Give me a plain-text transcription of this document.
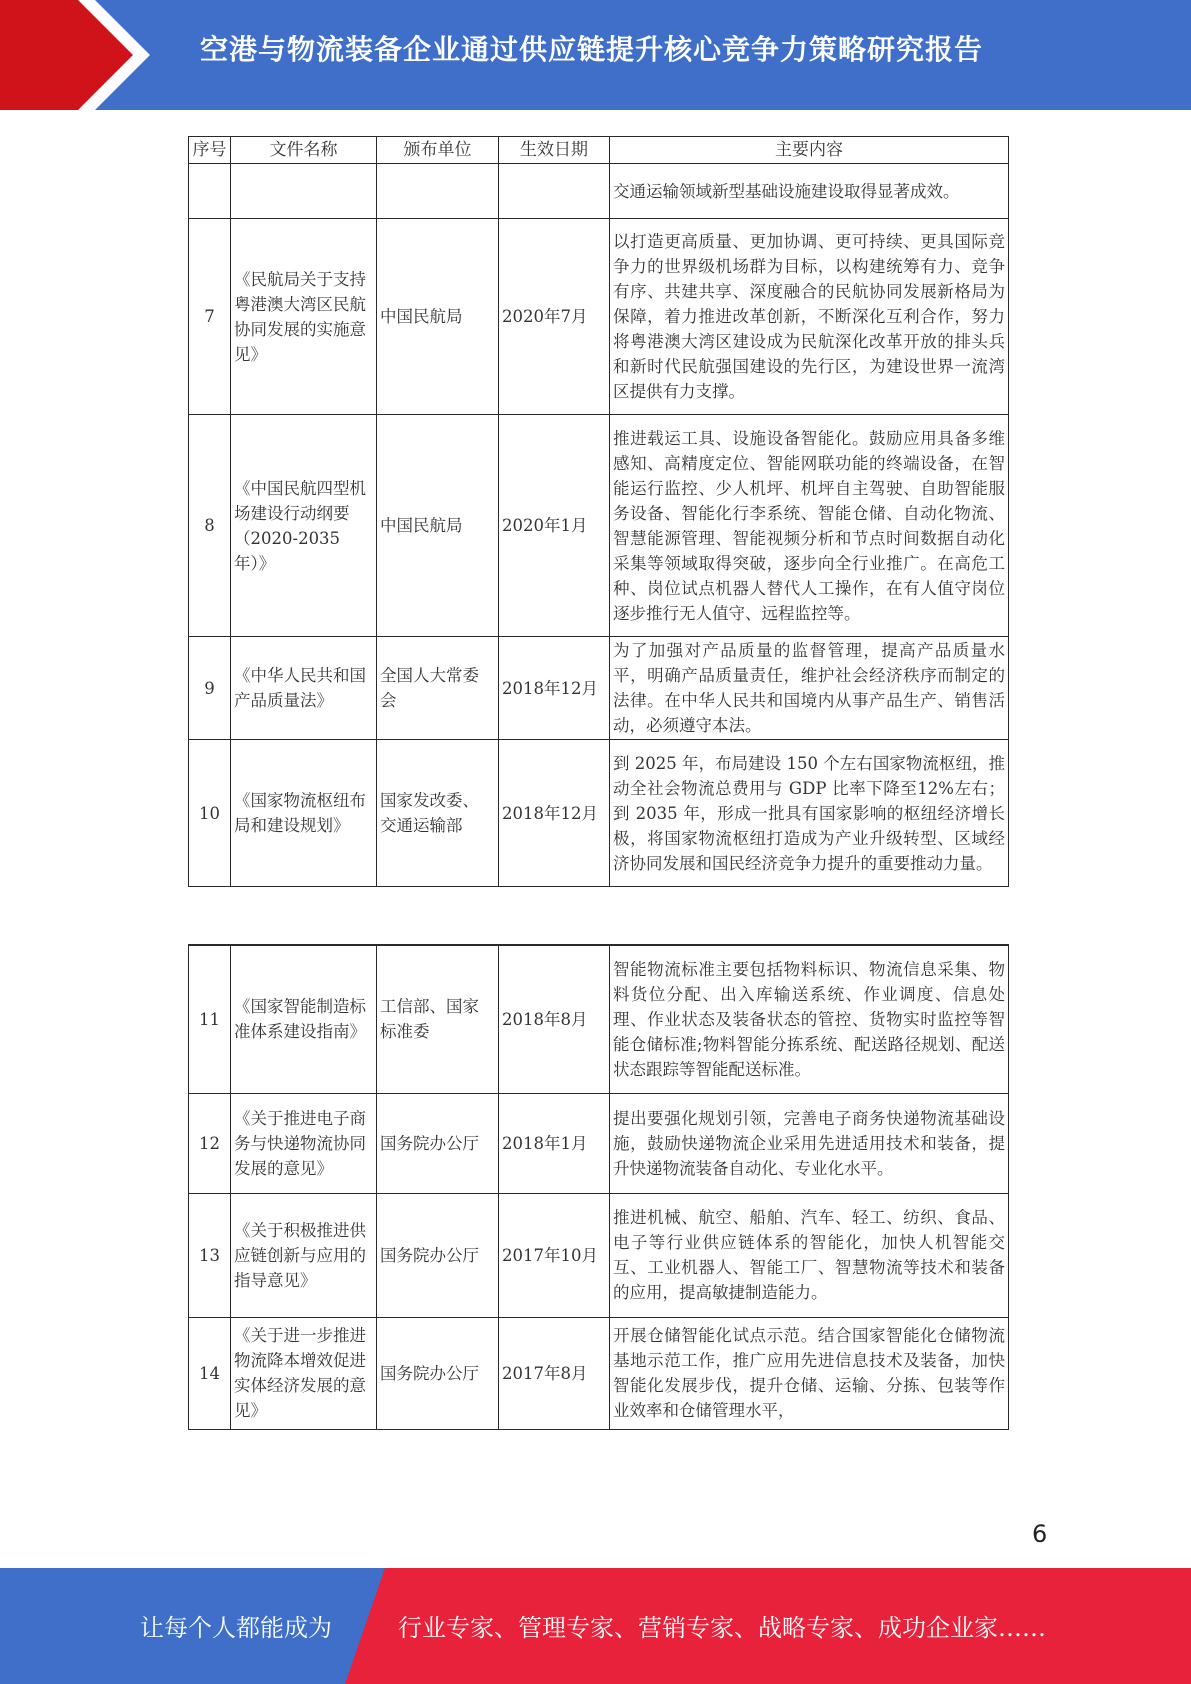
空港与物流装备企业通过供应链提升核心竞争力策略研究报告
序号	文件名称	颁布单位	生效日期	主要内容
				交通运输领域新型基础设施建设取得显著成效。
7	《民航局关于支持粤港澳大湾区民航协同发展的实施意见》	中国民航局	2020年7月	以打造更高质量、更加协调、更可持续、更具国际竞争力的世界级机场群为目标，以构建统筹有力、竞争有序、共建共享、深度融合的民航协同发展新格局为保障，着力推进改革创新，不断深化互利合作，努力将粤港澳大湾区建设成为民航深化改革开放的排头兵和新时代民航强国建设的先行区，为建设世界一流湾区提供有力支撑。
8	《中国民航四型机场建设行动纲要（2020-2035年）》	中国民航局	2020年1月	推进载运工具、设施设备智能化。鼓励应用具备多维感知、高精度定位、智能网联功能的终端设备，在智能运行监控、少人机坪、机坪自主驾驶、自助智能服务设备、智能化行李系统、智能仓储、自动化物流、智慧能源管理、智能视频分析和节点时间数据自动化采集等领域取得突破，逐步向全行业推广。在高危工种、岗位试点机器人替代人工操作，在有人值守岗位逐步推行无人值守、远程监控等。
9	《中华人民共和国产品质量法》	全国人大常委会	2018年12月	为了加强对产品质量的监督管理，提高产品质量水平，明确产品质量责任，维护社会经济秩序而制定的法律。在中华人民共和国境内从事产品生产、销售活动，必须遵守本法。
10	《国家物流枢纽布局和建设规划》	国家发改委、交通运输部	2018年12月	到 2025 年，布局建设 150 个左右国家物流枢纽，推动全社会物流总费用与 GDP 比率下降至12%左右；到 2035 年，形成一批具有国家影响的枢纽经济增长极，将国家物流枢纽打造成为产业升级转型、区域经济协同发展和国民经济竞争力提升的重要推动力量。
11	《国家智能制造标准体系建设指南》	工信部、国家标准委	2018年8月	智能物流标准主要包括物料标识、物流信息采集、物料货位分配、出入库输送系统、作业调度、信息处理、作业状态及装备状态的管控、货物实时监控等智能仓储标准;物料智能分拣系统、配送路径规划、配送状态跟踪等智能配送标准。
12	《关于推进电子商务与快递物流协同发展的意见》	国务院办公厅	2018年1月	提出要强化规划引领，完善电子商务快递物流基础设施，鼓励快递物流企业采用先进适用技术和装备，提升快递物流装备自动化、专业化水平。
13	《关于积极推进供应链创新与应用的指导意见》	国务院办公厅	2017年10月	推进机械、航空、船舶、汽车、轻工、纺织、食品、电子等行业供应链体系的智能化，加快人机智能交互、工业机器人、智能工厂、智慧物流等技术和装备的应用，提高敏捷制造能力。
14	《关于进一步推进物流降本增效促进实体经济发展的意见》	国务院办公厅	2017年8月	开展仓储智能化试点示范。结合国家智能化仓储物流基地示范工作，推广应用先进信息技术及装备，加快智能化发展步伐，提升仓储、运输、分拣、包装等作业效率和仓储管理水平，
6
让每个人都能成为	行业专家、管理专家、营销专家、战略专家、成功企业家……
